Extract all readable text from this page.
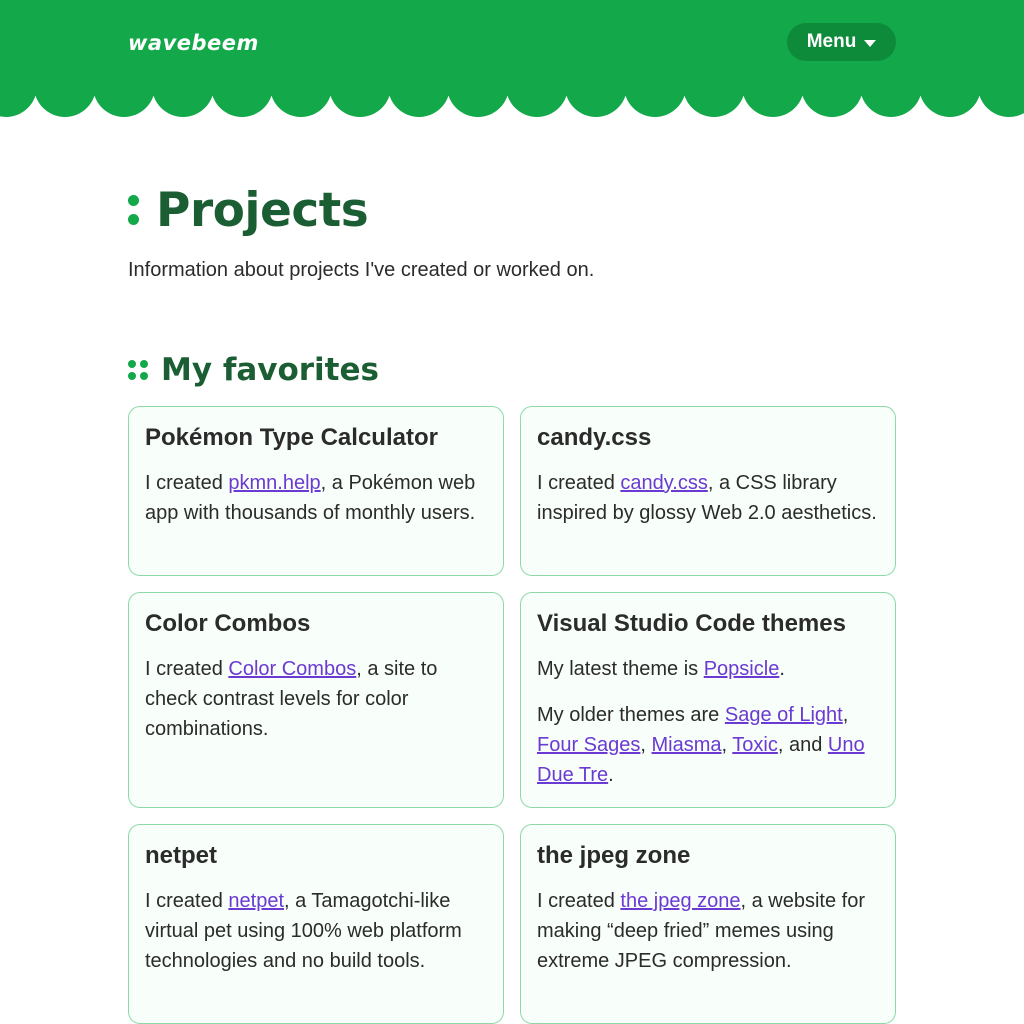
wavebeem	Menu
Projects

Information about projects I've created or worked on.

My favorites
Pokémon Type Calculator

I created pkmn.help, a Pokémon web app with thousands of monthly users.

candy.css

I created candy.css, a CSS library inspired by glossy Web 2.0 aesthetics.

Color Combos

I created Color Combos, a site to check contrast levels for color combinations.

Visual Studio Code themes

My latest theme is Popsicle.

My older themes are Sage of Light, Four Sages, Miasma, Toxic, and Uno Due Tre.

netpet

I created netpet, a Tamagotchi-like virtual pet using 100% web platform technologies and no build tools.

the jpeg zone

I created the jpeg zone, a website for making “deep fried” memes using extreme JPEG compression.
